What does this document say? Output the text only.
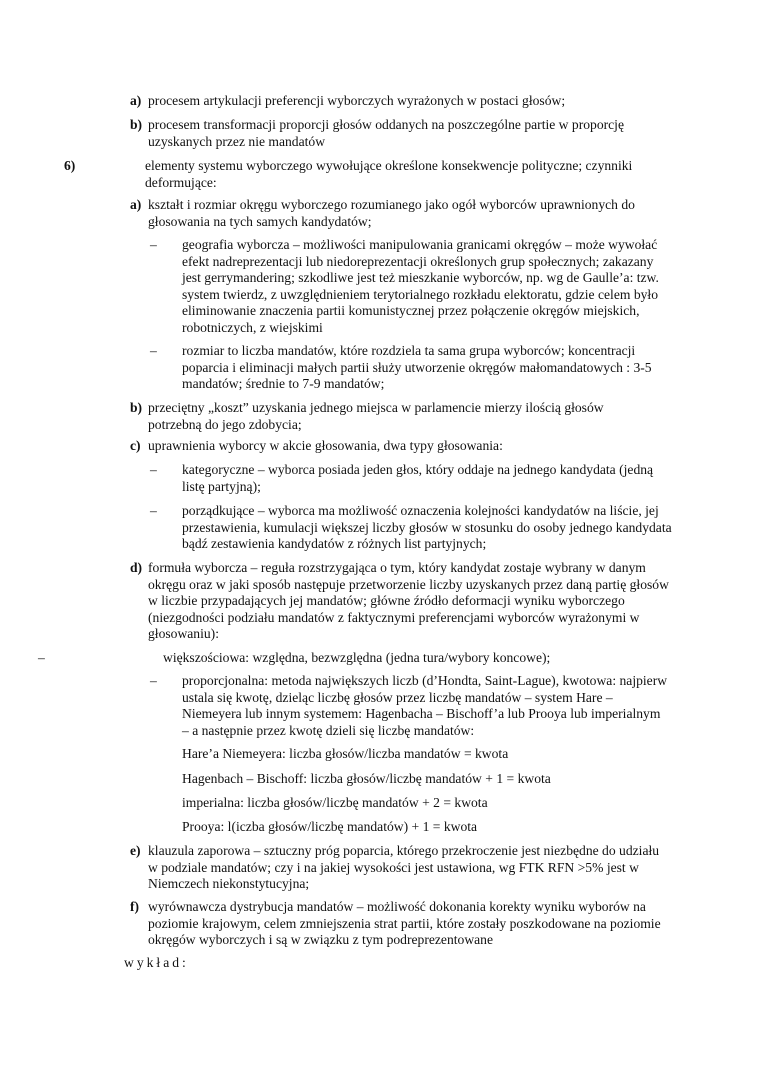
a) procesem artykulacji preferencji wyborczych wyrażonych w postaci głosów;
b) procesem transformacji proporcji głosów oddanych na poszczególne partie w proporcję uzyskanych przez nie mandatów
6)	elementy systemu wyborczego wywołujące określone konsekwencje polityczne; czynniki deformujące:
a) kształt i rozmiar okręgu wyborczego rozumianego jako ogół wyborców uprawnionych do głosowania na tych samych kandydatów;
– geografia wyborcza – możliwości manipulowania granicami okręgów – może wywołać efekt nadreprezentacji lub niedoreprezentacji określonych grup społecznych; zakazany jest gerrymandering; szkodliwe jest też mieszkanie wyborców, np. wg de Gaulle’a: tzw. system twierdz, z uwzględnieniem terytorialnego rozkładu elektoratu, gdzie celem było eliminowanie znaczenia partii komunistycznej przez połączenie okręgów miejskich, robotniczych, z wiejskimi
– rozmiar to liczba mandatów, które rozdziela ta sama grupa wyborców; koncentracji poparcia i eliminacji małych partii służy utworzenie okręgów małomandatowych : 3-5 mandatów; średnie to 7-9 mandatów;
b) przeciętny „koszt” uzyskania jednego miejsca w parlamencie mierzy ilością głosów potrzebną do jego zdobycia;
c) uprawnienia wyborcy w akcie głosowania, dwa typy głosowania:
– kategoryczne – wyborca posiada jeden głos, który oddaje na jednego kandydata (jedną listę partyjną);
– porządkujące – wyborca ma możliwość oznaczenia kolejności kandydatów na liście, jej przestawienia, kumulacji większej liczby głosów w stosunku do osoby jednego kandydata bądź zestawienia kandydatów z różnych list partyjnych;
d) formuła wyborcza – reguła rozstrzygająca o tym, który kandydat zostaje wybrany w danym okręgu oraz w jaki sposób następuje przetworzenie liczby uzyskanych przez daną partię głosów w liczbie przypadających jej mandatów; główne źródło deformacji wyniku wyborczego (niezgodności podziału mandatów z faktycznymi preferencjami wyborców wyrażonymi w głosowaniu):
–	większościowa: względna, bezwzględna (jedna tura/wybory koncowe);
– proporcjonalna: metoda największych liczb (d’Hondta, Saint-Lague), kwotowa: najpierw ustala się kwotę, dzieląc liczbę głosów przez liczbę mandatów – system Hare – Niemeyera lub innym systemem: Hagenbacha – Bischoff’a lub Prooya lub imperialnym – a następnie przez kwotę dzieli się liczbę mandatów:
Hare’a Niemeyera: liczba głosów/liczba mandatów = kwota
Hagenbach – Bischoff: liczba głosów/liczbę mandatów + 1 = kwota
imperialna: liczba głosów/liczbę mandatów + 2 = kwota
Prooya: l(iczba głosów/liczbę mandatów) + 1 = kwota
e) klauzula zaporowa – sztuczny próg poparcia, którego przekroczenie jest niezbędne do udziału w podziale mandatów; czy i na jakiej wysokości jest ustawiona, wg FTK RFN >5% jest w Niemczech niekonstytucyjna;
f) wyrównawcza dystrybucja mandatów – możliwość dokonania korekty wyniku wyborów na poziomie krajowym, celem zmniejszenia strat partii, które zostały poszkodowane na poziomie okręgów wyborczych i są w związku z tym podreprezentowane
wykład:
